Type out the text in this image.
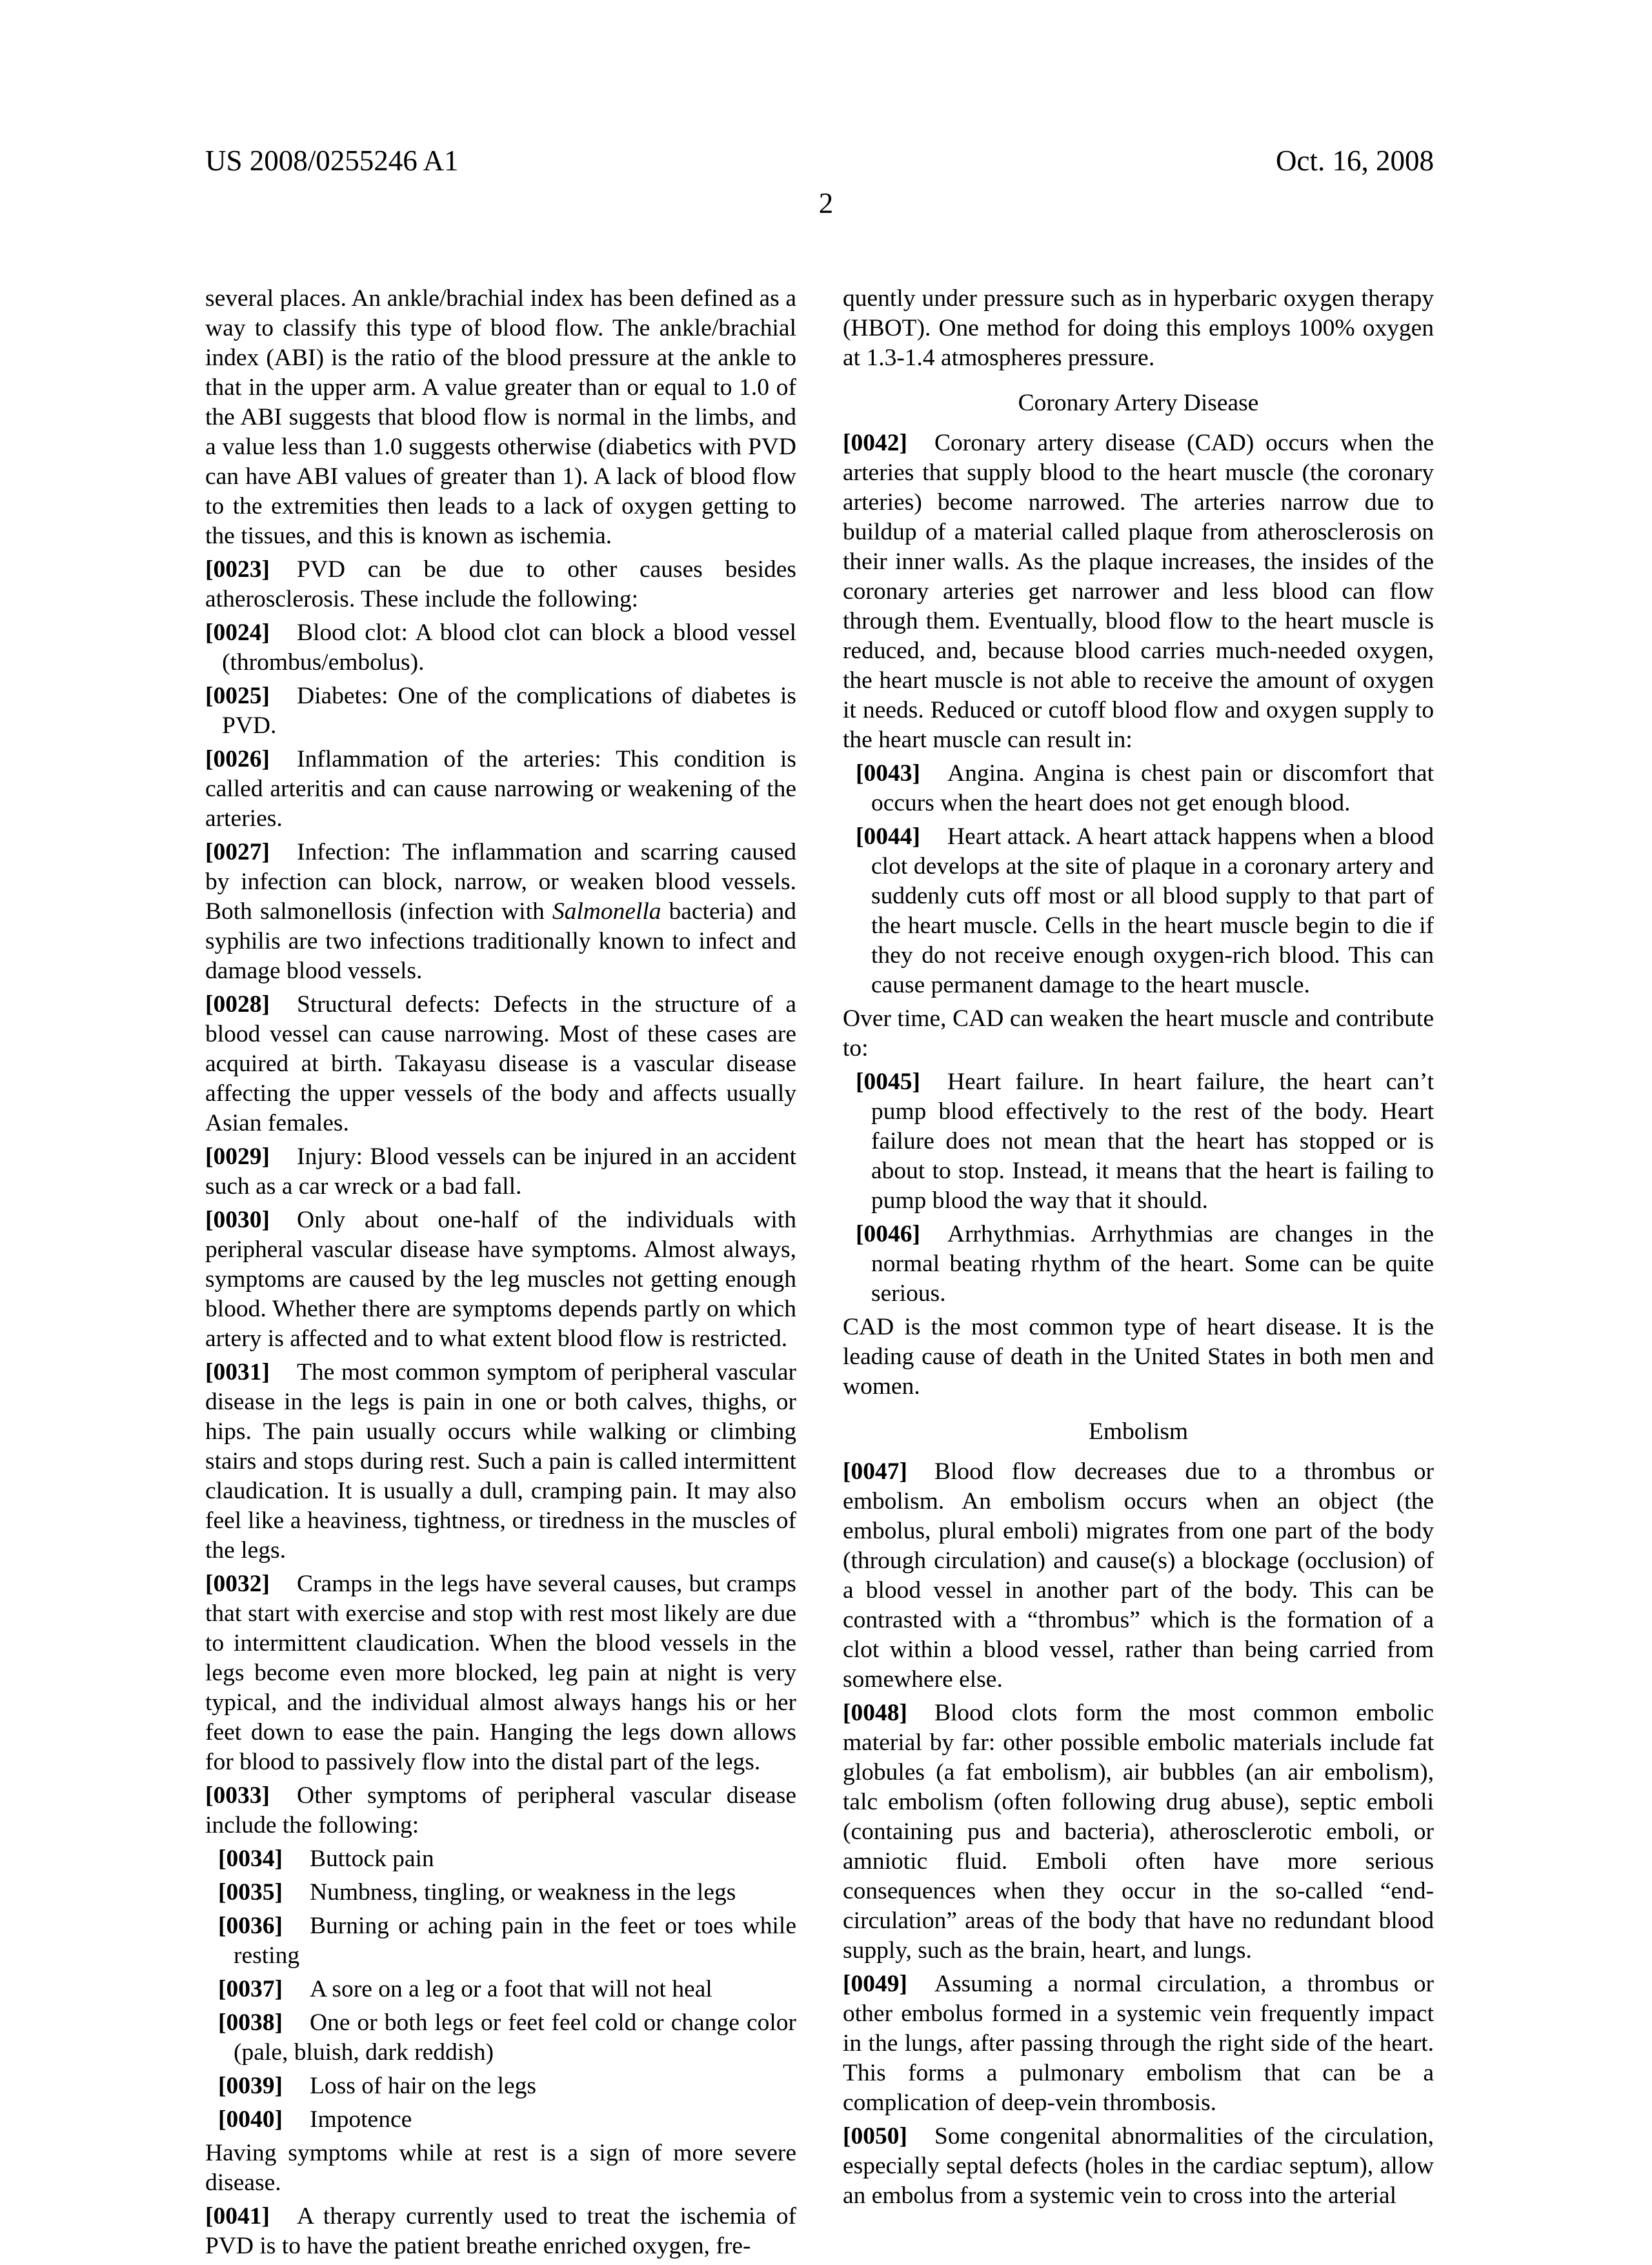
US 2008/0255246 A1	Oct. 16, 2008
2

several places. An ankle/brachial index has been defined as a way to classify this type of blood flow. The ankle/brachial index (ABI) is the ratio of the blood pressure at the ankle to that in the upper arm. A value greater than or equal to 1.0 of the ABI suggests that blood flow is normal in the limbs, and a value less than 1.0 suggests otherwise (diabetics with PVD can have ABI values of greater than 1). A lack of blood flow to the extremities then leads to a lack of oxygen getting to the tissues, and this is known as ischemia.

[0023] PVD can be due to other causes besides atherosclerosis. These include the following:

[0024] Blood clot: A blood clot can block a blood vessel (thrombus/embolus).

[0025] Diabetes: One of the complications of diabetes is PVD.

[0026] Inflammation of the arteries: This condition is called arteritis and can cause narrowing or weakening of the arteries.

[0027] Infection: The inflammation and scarring caused by infection can block, narrow, or weaken blood vessels. Both salmonellosis (infection with Salmonella bacteria) and syphilis are two infections traditionally known to infect and damage blood vessels.

[0028] Structural defects: Defects in the structure of a blood vessel can cause narrowing. Most of these cases are acquired at birth. Takayasu disease is a vascular disease affecting the upper vessels of the body and affects usually Asian females.

[0029] Injury: Blood vessels can be injured in an accident such as a car wreck or a bad fall.

[0030] Only about one-half of the individuals with peripheral vascular disease have symptoms. Almost always, symptoms are caused by the leg muscles not getting enough blood. Whether there are symptoms depends partly on which artery is affected and to what extent blood flow is restricted.

[0031] The most common symptom of peripheral vascular disease in the legs is pain in one or both calves, thighs, or hips. The pain usually occurs while walking or climbing stairs and stops during rest. Such a pain is called intermittent claudication. It is usually a dull, cramping pain. It may also feel like a heaviness, tightness, or tiredness in the muscles of the legs.

[0032] Cramps in the legs have several causes, but cramps that start with exercise and stop with rest most likely are due to intermittent claudication. When the blood vessels in the legs become even more blocked, leg pain at night is very typical, and the individual almost always hangs his or her feet down to ease the pain. Hanging the legs down allows for blood to passively flow into the distal part of the legs.

[0033] Other symptoms of peripheral vascular disease include the following:

[0034] Buttock pain

[0035] Numbness, tingling, or weakness in the legs

[0036] Burning or aching pain in the feet or toes while resting

[0037] A sore on a leg or a foot that will not heal

[0038] One or both legs or feet feel cold or change color (pale, bluish, dark reddish)

[0039] Loss of hair on the legs

[0040] Impotence

Having symptoms while at rest is a sign of more severe disease.

[0041] A therapy currently used to treat the ischemia of PVD is to have the patient breathe enriched oxygen, fre-

quently under pressure such as in hyperbaric oxygen therapy (HBOT). One method for doing this employs 100% oxygen at 1.3-1.4 atmospheres pressure.

Coronary Artery Disease

[0042] Coronary artery disease (CAD) occurs when the arteries that supply blood to the heart muscle (the coronary arteries) become narrowed. The arteries narrow due to buildup of a material called plaque from atherosclerosis on their inner walls. As the plaque increases, the insides of the coronary arteries get narrower and less blood can flow through them. Eventually, blood flow to the heart muscle is reduced, and, because blood carries much-needed oxygen, the heart muscle is not able to receive the amount of oxygen it needs. Reduced or cutoff blood flow and oxygen supply to the heart muscle can result in:

[0043] Angina. Angina is chest pain or discomfort that occurs when the heart does not get enough blood.

[0044] Heart attack. A heart attack happens when a blood clot develops at the site of plaque in a coronary artery and suddenly cuts off most or all blood supply to that part of the heart muscle. Cells in the heart muscle begin to die if they do not receive enough oxygen-rich blood. This can cause permanent damage to the heart muscle.

Over time, CAD can weaken the heart muscle and contribute to:

[0045] Heart failure. In heart failure, the heart can’t pump blood effectively to the rest of the body. Heart failure does not mean that the heart has stopped or is about to stop. Instead, it means that the heart is failing to pump blood the way that it should.

[0046] Arrhythmias. Arrhythmias are changes in the normal beating rhythm of the heart. Some can be quite serious.

CAD is the most common type of heart disease. It is the leading cause of death in the United States in both men and women.

Embolism

[0047] Blood flow decreases due to a thrombus or embolism. An embolism occurs when an object (the embolus, plural emboli) migrates from one part of the body (through circulation) and cause(s) a blockage (occlusion) of a blood vessel in another part of the body. This can be contrasted with a “thrombus” which is the formation of a clot within a blood vessel, rather than being carried from somewhere else.

[0048] Blood clots form the most common embolic material by far: other possible embolic materials include fat globules (a fat embolism), air bubbles (an air embolism), talc embolism (often following drug abuse), septic emboli (containing pus and bacteria), atherosclerotic emboli, or amniotic fluid. Emboli often have more serious consequences when they occur in the so-called “end-circulation” areas of the body that have no redundant blood supply, such as the brain, heart, and lungs.

[0049] Assuming a normal circulation, a thrombus or other embolus formed in a systemic vein frequently impact in the lungs, after passing through the right side of the heart. This forms a pulmonary embolism that can be a complication of deep-vein thrombosis.

[0050] Some congenital abnormalities of the circulation, especially septal defects (holes in the cardiac septum), allow an embolus from a systemic vein to cross into the arterial
